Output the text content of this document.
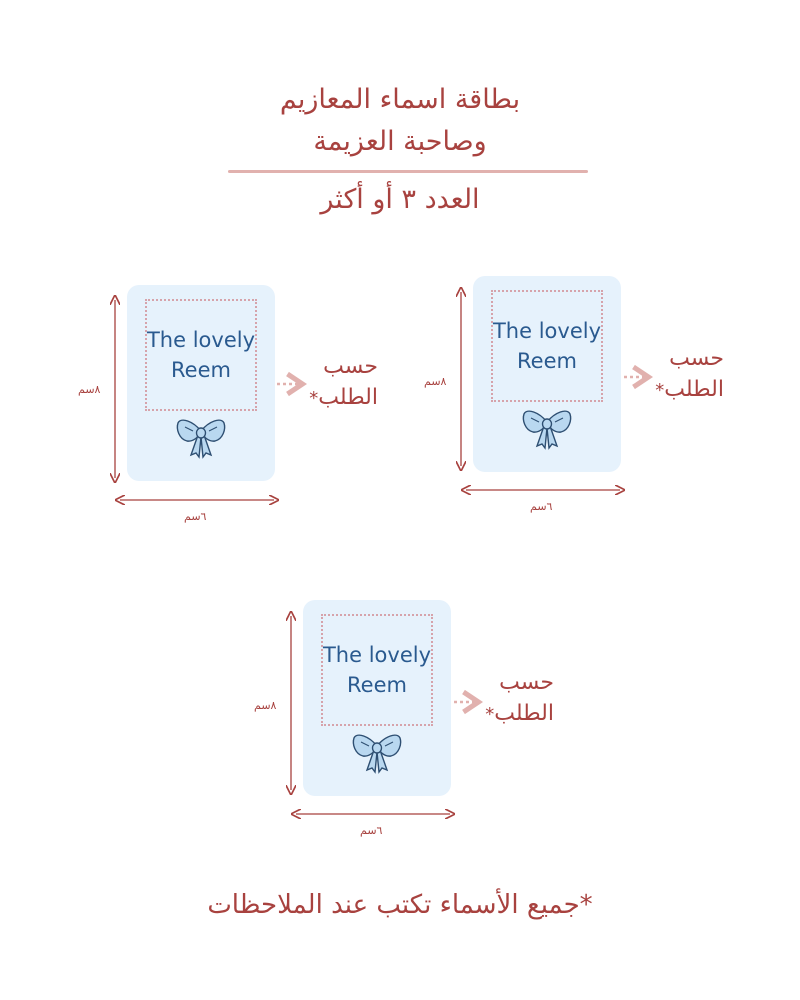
بطاقة اسماء المعازيم
وصاحبة العزيمة
العدد ٣ أو أكثر
The lovely
Reem
٨سم
٦سم
حسب
الطلب*
The lovely
Reem
٨سم
٦سم
حسب
الطلب*
The lovely
Reem
٨سم
٦سم
حسب
الطلب*
*جميع الأسماء تكتب عند الملاحظات
